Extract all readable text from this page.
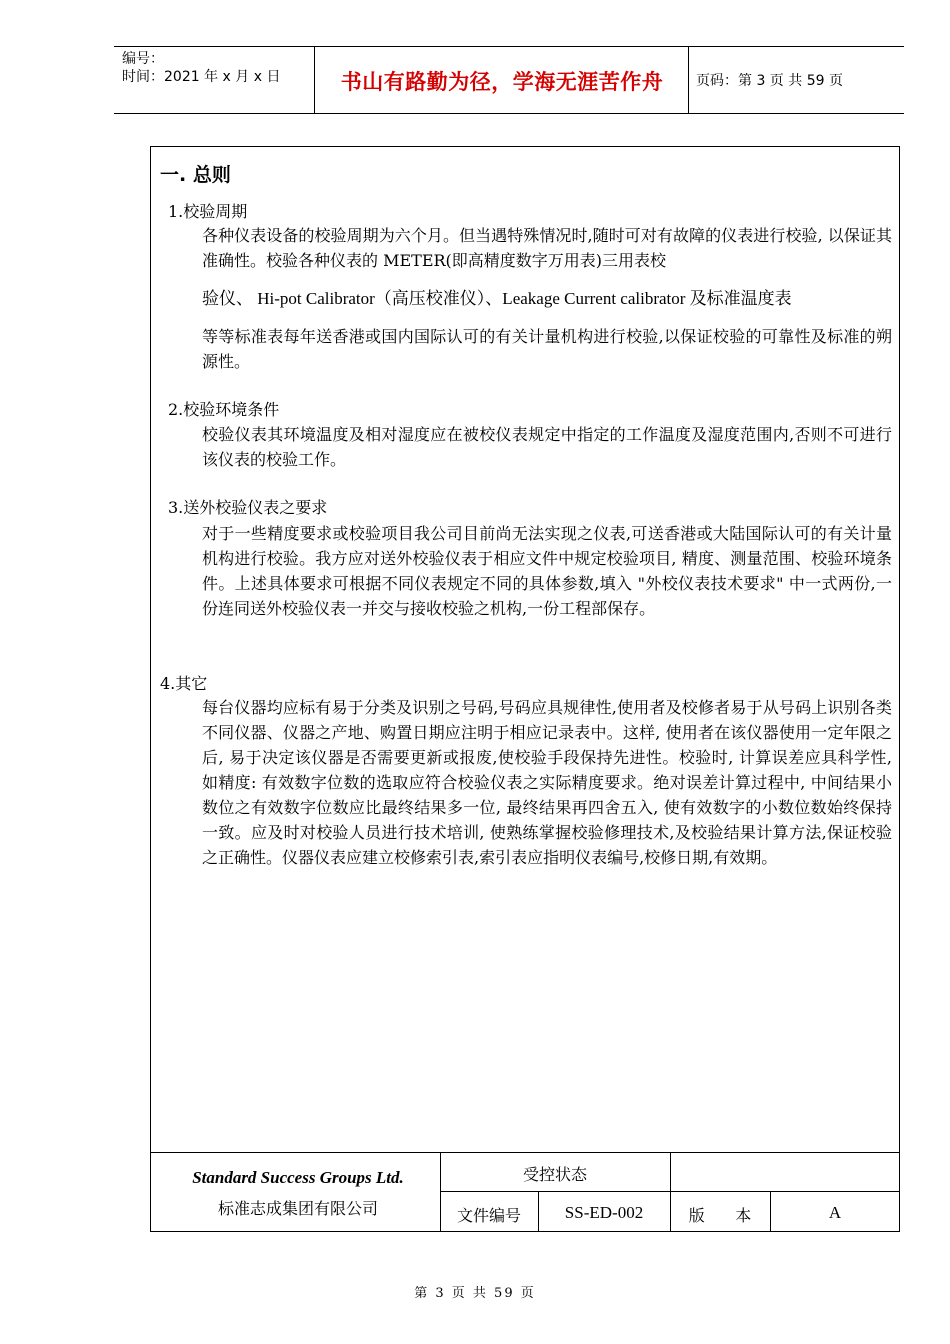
编号：
时间：2021 年 x 月 x 日	书山有路勤为径，学海无涯苦作舟	页码：第 3 页 共 59 页
一. 总则
1.校验周期
各种仪表设备的校验周期为六个月。但当遇特殊情况时,随时可对有故障的仪表进行校验, 以保证其准确性。校验各种仪表的 METER(即高精度数字万用表)三用表校
验仪、 Hi-pot Calibrator（高压校准仪）、Leakage Current calibrator 及标准温度表
等等标准表每年送香港或国内国际认可的有关计量机构进行校验,以保证校验的可靠性及标准的朔源性。
2.校验环境条件
校验仪表其环境温度及相对湿度应在被校仪表规定中指定的工作温度及湿度范围内,否则不可进行该仪表的校验工作。
3.送外校验仪表之要求
对于一些精度要求或校验项目我公司目前尚无法实现之仪表,可送香港或大陆国际认可的有关计量机构进行校验。我方应对送外校验仪表于相应文件中规定校验项目, 精度、测量范围、校验环境条件。上述具体要求可根据不同仪表规定不同的具体参数,填入 "外校仪表技术要求" 中一式两份,一份连同送外校验仪表一并交与接收校验之机构,一份工程部保存。
4.其它
每台仪器均应标有易于分类及识别之号码,号码应具规律性,使用者及校修者易于从号码上识别各类不同仪器、仪器之产地、购置日期应注明于相应记录表中。这样, 使用者在该仪器使用一定年限之后, 易于决定该仪器是否需要更新或报废,使校验手段保持先进性。校验时, 计算误差应具科学性, 如精度: 有效数字位数的选取应符合校验仪表之实际精度要求。绝对误差计算过程中, 中间结果小数位之有效数字位数应比最终结果多一位, 最终结果再四舍五入, 使有效数字的小数位数始终保持一致。应及时对校验人员进行技术培训, 使熟练掌握校验修理技术,及校验结果计算方法,保证校验之正确性。仪器仪表应建立校修索引表,索引表应指明仪表编号,校修日期,有效期。
Standard Success Groups Ltd.
标准志成集团有限公司
受控状态
文件编号	SS-ED-002	版      本	A
第 3 页 共 59 页
